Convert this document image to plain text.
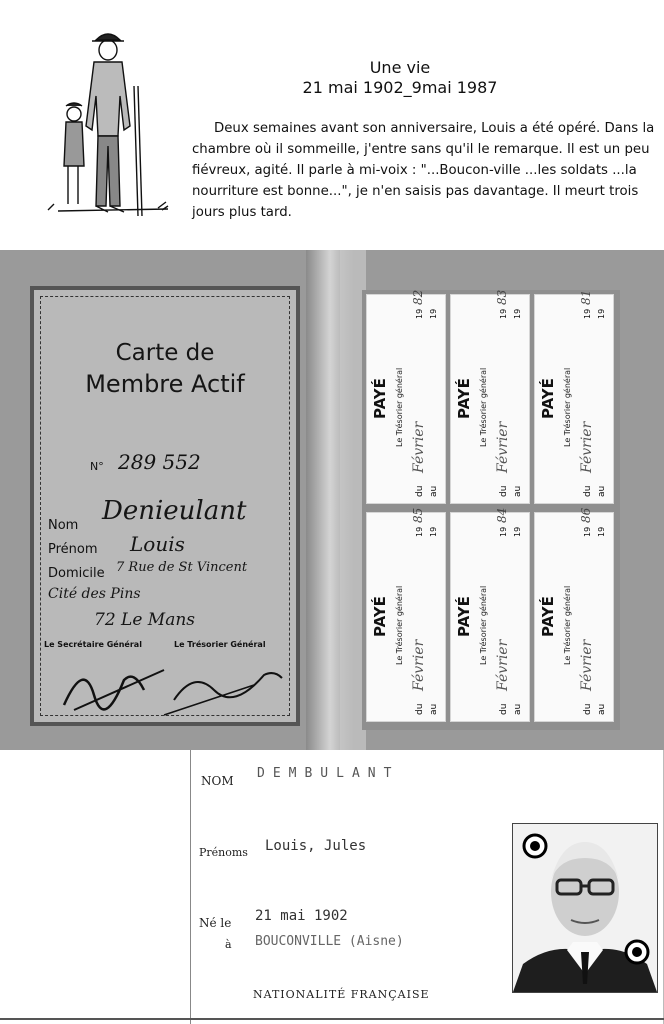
Une vie
21 mai 1902_9mai 1987

Deux semaines avant son anniversaire, Louis a été opéré. Dans la chambre où il sommeille, j'entre sans qu'il le remarque. Il est un peu fiévreux, agité. Il parle à mi-voix : "...Boucon-ville ...les soldats ...la nourriture est bonne...", je n'en saisis pas davantage. Il meurt trois jours plus tard.

Carte de
Membre Actif
N° 289 552
Nom Denieulant
Prénom Louis
Domicile 7 Rue de St Vincent
Cité des Pins
72 Le Mans
Le Secrétaire Général	Le Trésorier Général
PAYÉ Le Trésorier général
du au
19 19
Février
82
PAYÉ Le Trésorier général
du au
19 19
Février
83
PAYÉ Le Trésorier général
du au
19 19
Février
81
PAYÉ Le Trésorier général
du au
19 19
Février
85
PAYÉ Le Trésorier général
du au
19 19
Février
84
PAYÉ Le Trésorier général
du au
19 19
Février
86
NOM DEMBULANT
Prénoms Louis, Jules
Né le 21 mai 1902
à BOUCONVILLE (Aisne)
NATIONALITÉ FRANÇAISE
